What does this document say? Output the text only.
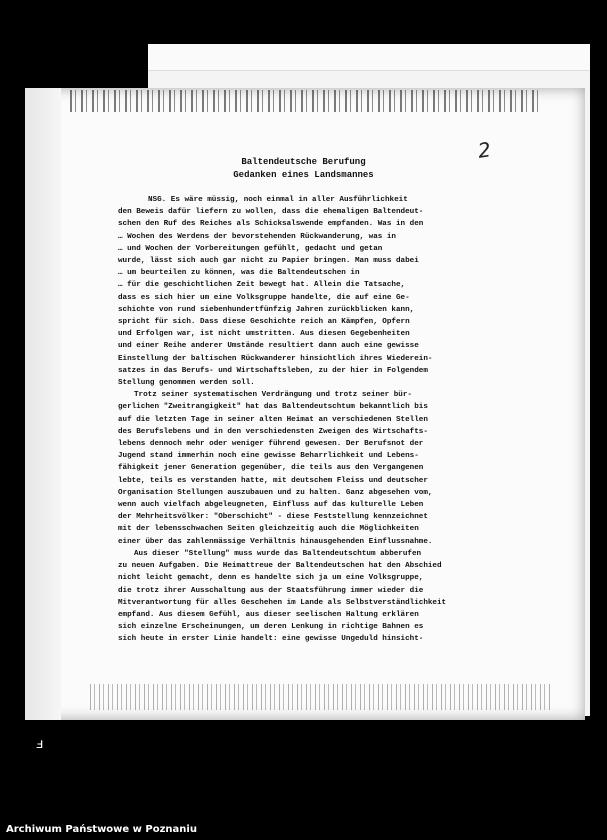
2
Baltendeutsche Berufung
Gedanken eines Landsmannes
NSG. Es wäre müssig, noch einmal in aller Ausführlichkeit
den Beweis dafür liefern zu wollen, dass die ehemaligen Baltendeut-
schen den Ruf des Reiches als Schicksalswende empfanden. Was in den
… Wochen des Werdens der bevorstehenden Rückwanderung, was in
… und Wochen der Vorbereitungen gefühlt, gedacht und getan
wurde, lässt sich auch gar nicht zu Papier bringen. Man muss dabei
… um beurteilen zu können, was die Baltendeutschen in
… für die geschichtlichen Zeit bewegt hat. Allein die Tatsache,
dass es sich hier um eine Volksgruppe handelte, die auf eine Ge-
schichte von rund siebenhundertfünfzig Jahren zurückblicken kann,
spricht für sich. Dass diese Geschichte reich an Kämpfen, Opfern
und Erfolgen war, ist nicht umstritten. Aus diesen Gegebenheiten
und einer Reihe anderer Umstände resultiert dann auch eine gewisse
Einstellung der baltischen Rückwanderer hinsichtlich ihres Wiederein-
satzes in das Berufs- und Wirtschaftsleben, zu der hier in Folgendem
Stellung genommen werden soll.
Trotz seiner systematischen Verdrängung und trotz seiner bür-
gerlichen "Zweitrangigkeit" hat das Baltendeutschtum bekanntlich bis
auf die letzten Tage in seiner alten Heimat an verschiedenen Stellen
des Berufslebens und in den verschiedensten Zweigen des Wirtschafts-
lebens dennoch mehr oder weniger führend gewesen. Der Berufsnot der
Jugend stand immerhin noch eine gewisse Beharrlichkeit und Lebens-
fähigkeit jener Generation gegenüber, die teils aus den Vergangenen
lebte, teils es verstanden hatte, mit deutschem Fleiss und deutscher
Organisation Stellungen auszubauen und zu halten. Ganz abgesehen vom,
wenn auch vielfach abgeleugneten, Einfluss auf das kulturelle Leben
der Mehrheitsvölker: "Oberschicht" - diese Feststellung kennzeichnet
mit der lebensschwachen Seiten gleichzeitig auch die Möglichkeiten
einer über das zahlenmässige Verhältnis hinausgehenden Einflussnahme.
Aus dieser "Stellung" muss wurde das Baltendeutschtum abberufen
zu neuen Aufgaben. Die Heimattreue der Baltendeutschen hat den Abschied
nicht leicht gemacht, denn es handelte sich ja um eine Volksgruppe,
die trotz ihrer Ausschaltung aus der Staatsführung immer wieder die
Mitverantwortung für alles Geschehen im Lande als Selbstverständlichkeit
empfand. Aus diesem Gefühl, aus dieser seelischen Haltung erklären
sich einzelne Erscheinungen, um deren Lenkung in richtige Bahnen es
sich heute in erster Linie handelt: eine gewisse Ungeduld hinsicht-
ⅎ
Archiwum Państwowe w Poznaniu
